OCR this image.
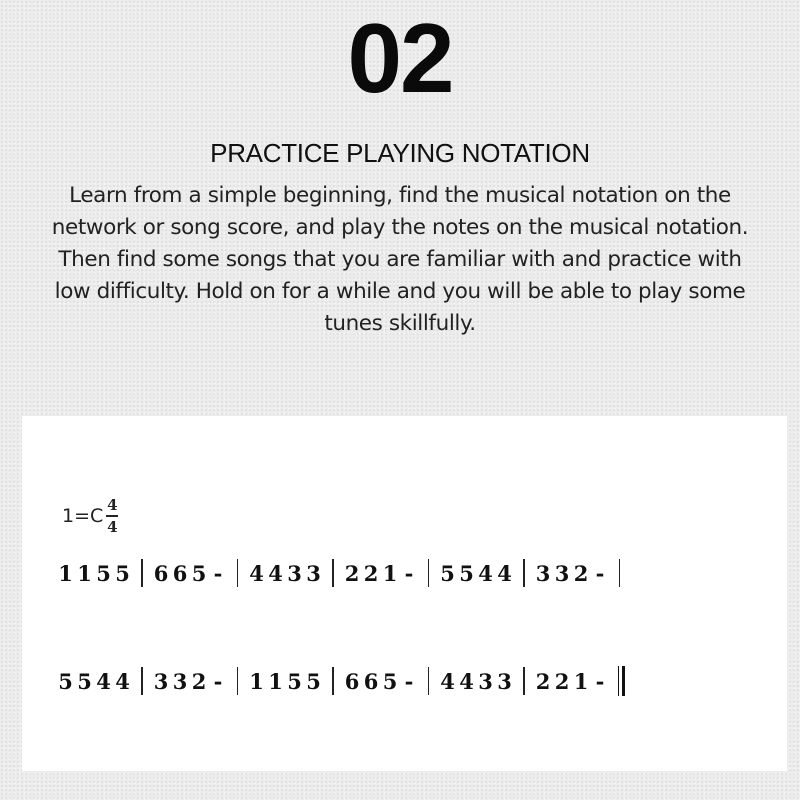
02
PRACTICE PLAYING NOTATION

Learn from a simple beginning, find the musical notation on the network or song score, and play the notes on the musical notation. Then find some songs that you are familiar with and practice with low difficulty. Hold on for a while and you will be able to play some tunes skillfully.

1=C 4
4
1 1 5 5 6 6 5 - 4 4 3 3 2 2 1 - 5 5 4 4 3 3 2 -
5 5 4 4 3 3 2 - 1 1 5 5 6 6 5 - 4 4 3 3 2 2 1 -
